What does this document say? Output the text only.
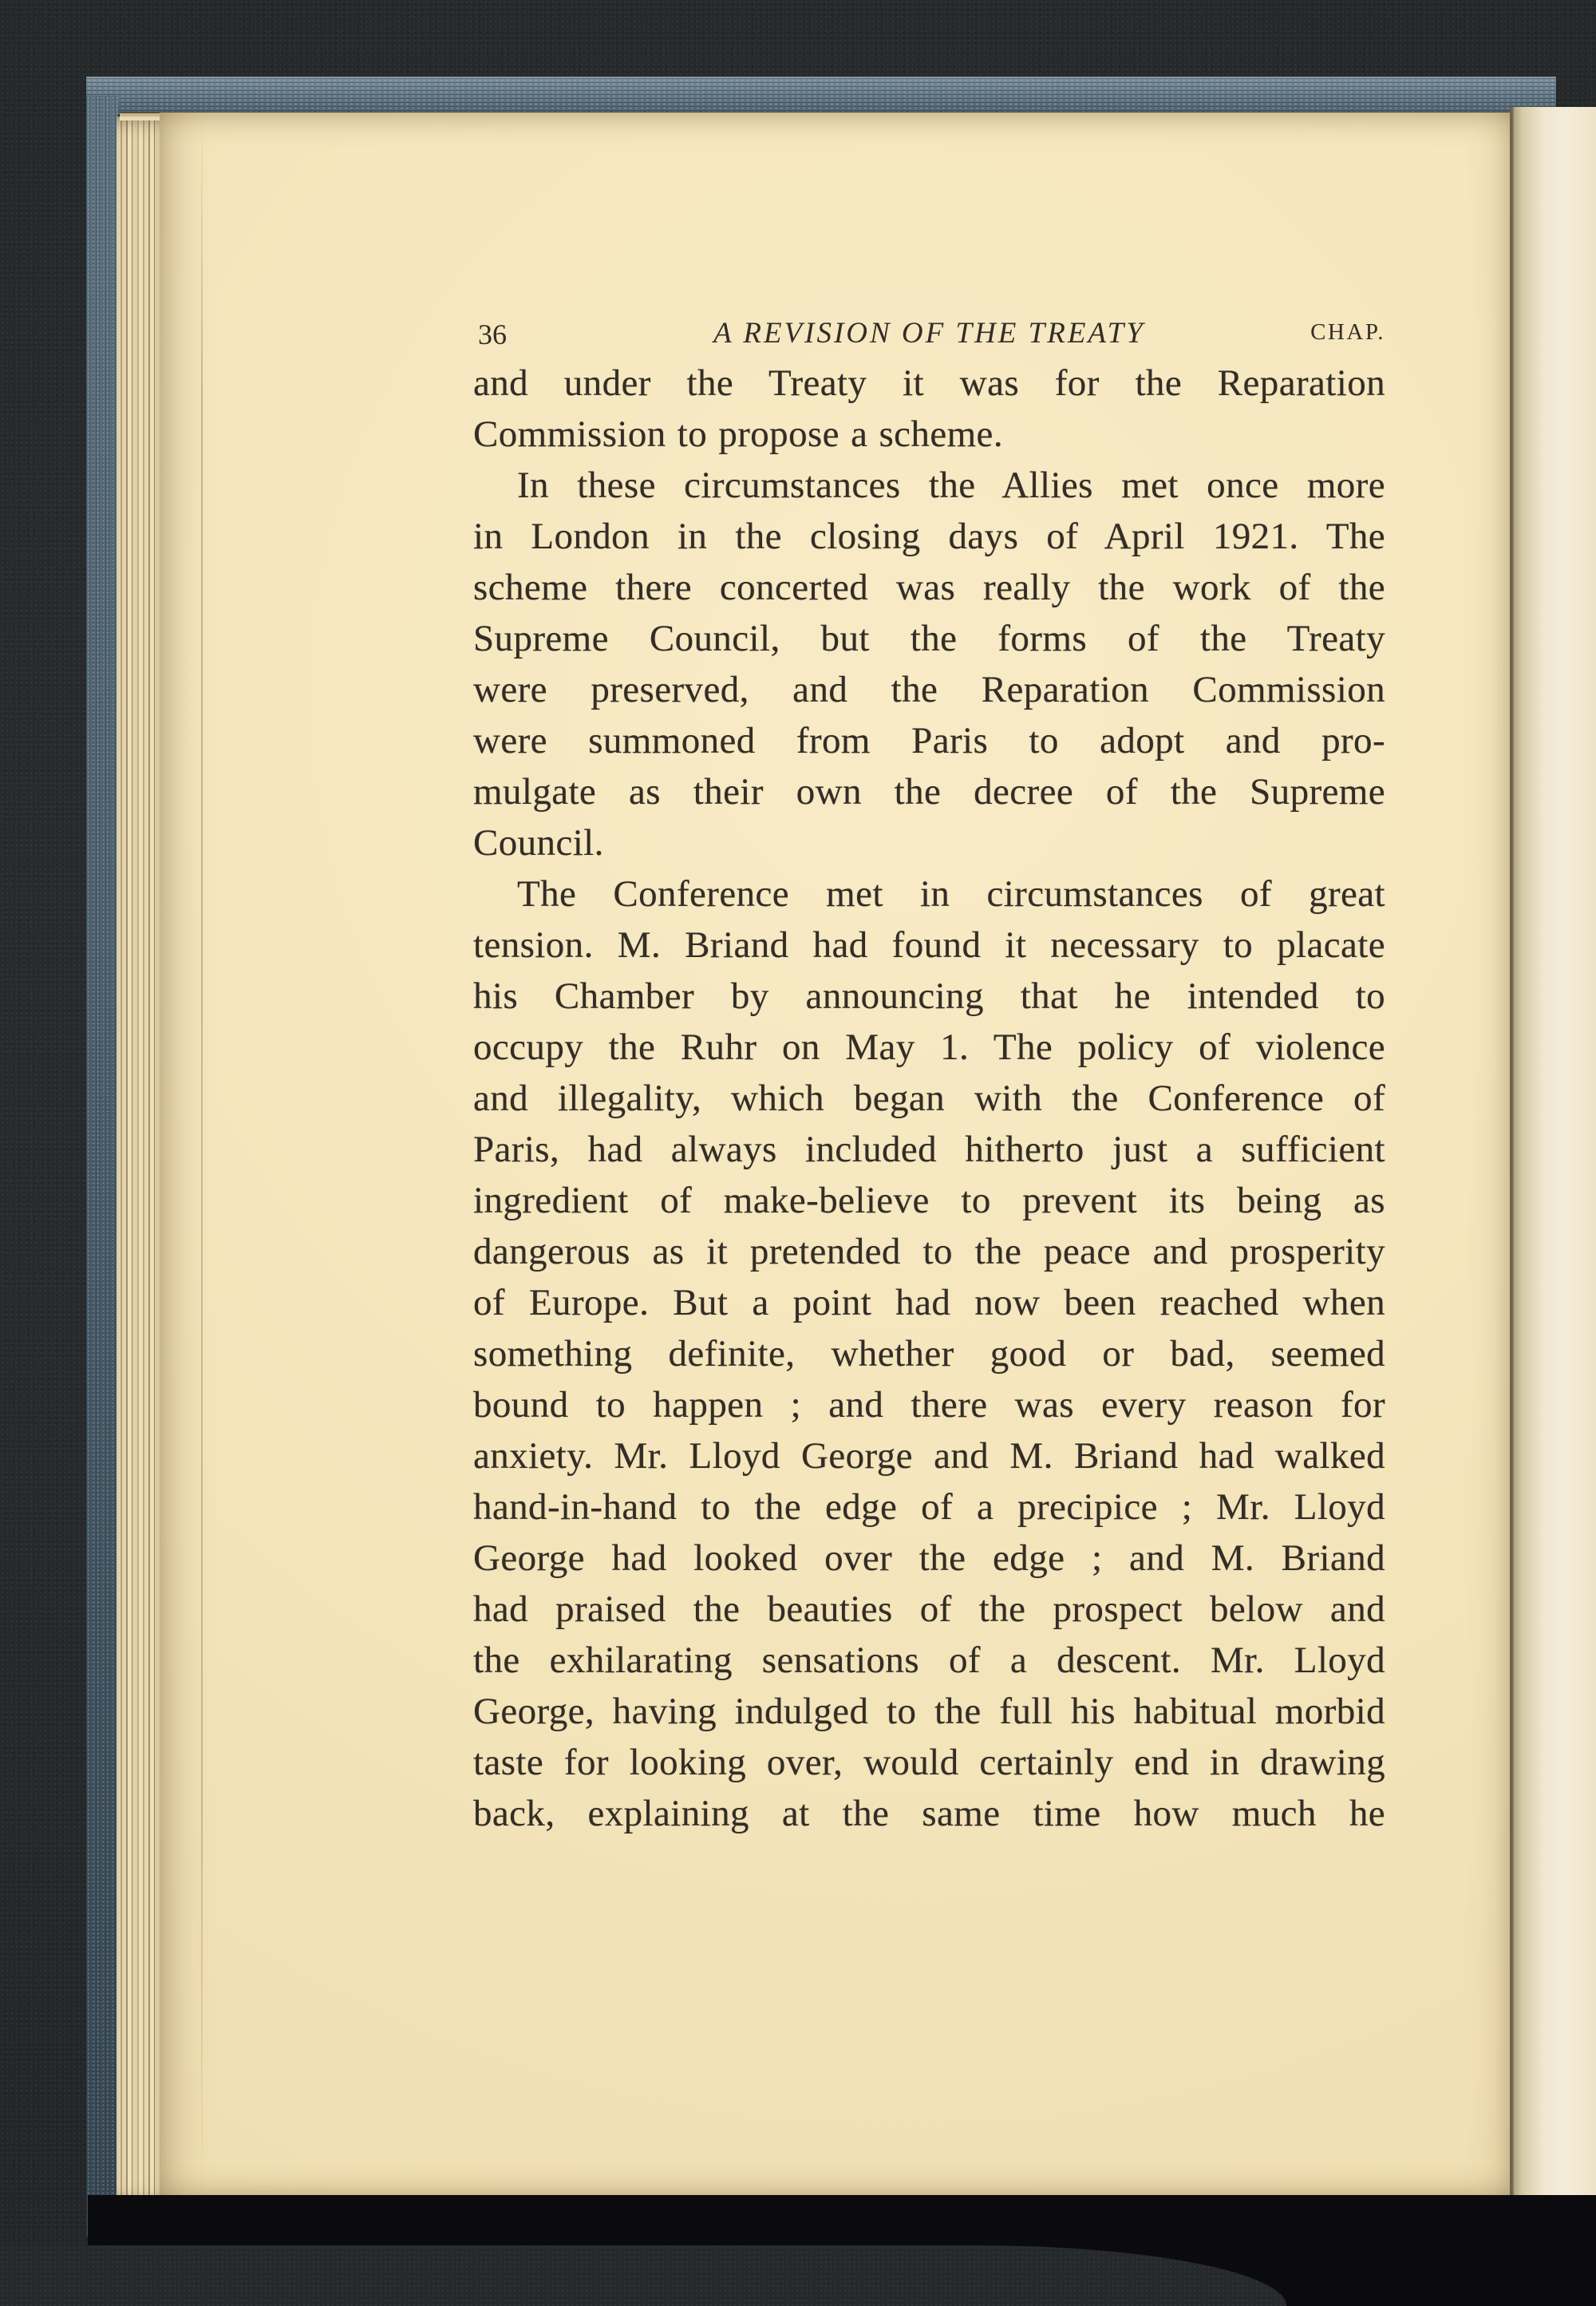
36	A REVISION OF THE TREATY	CHAP.
and under the Treaty it was for the Reparation
Commission to propose a scheme.
In these circumstances the Allies met once more
in London in the closing days of April 1921. The
scheme there concerted was really the work of the
Supreme Council, but the forms of the Treaty
were preserved, and the Reparation Commission
were summoned from Paris to adopt and pro-
mulgate as their own the decree of the Supreme
Council.
The Conference met in circumstances of great
tension. M. Briand had found it necessary to placate
his Chamber by announcing that he intended to
occupy the Ruhr on May 1. The policy of violence
and illegality, which began with the Conference of
Paris, had always included hitherto just a sufficient
ingredient of make-believe to prevent its being as
dangerous as it pretended to the peace and prosperity
of Europe. But a point had now been reached when
something definite, whether good or bad, seemed
bound to happen ; and there was every reason for
anxiety. Mr. Lloyd George and M. Briand had walked
hand-in-hand to the edge of a precipice ; Mr. Lloyd
George had looked over the edge ; and M. Briand
had praised the beauties of the prospect below and
the exhilarating sensations of a descent. Mr. Lloyd
George, having indulged to the full his habitual morbid
taste for looking over, would certainly end in drawing
back, explaining at the same time how much he
